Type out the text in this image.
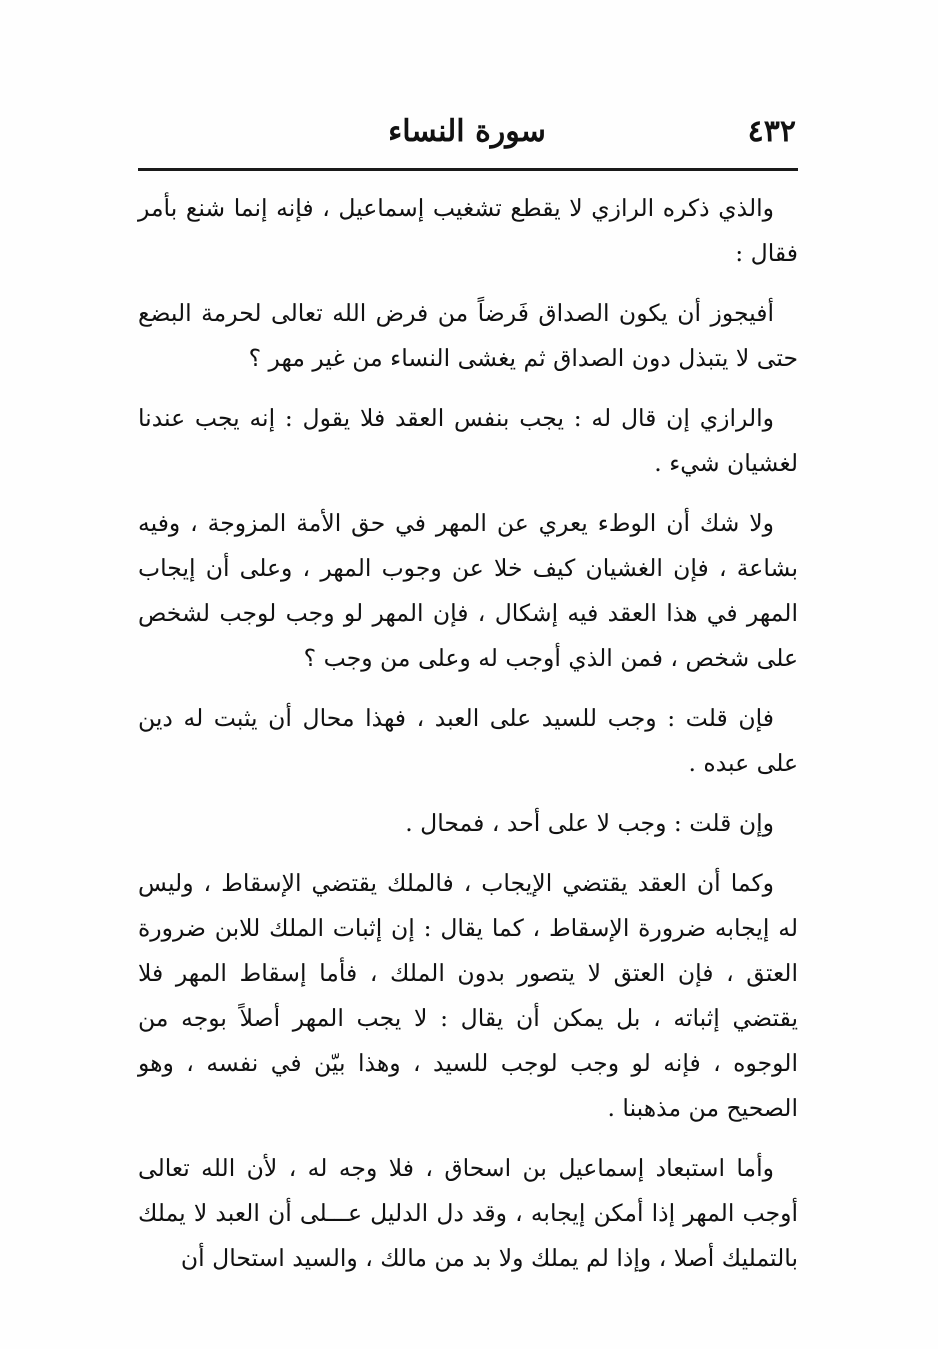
٤٣٢
سورة النساء

والذي ذكره الرازي لا يقطع تشغيب إسماعيل ، فإنه إنما شنع بأمر فقال :

أفيجوز أن يكون الصداق فَرضاً من فرض الله تعالى لحرمة البضع حتى لا يتبذل دون الصداق ثم يغشى النساء من غير مهر ؟

والرازي إن قال له : يجب بنفس العقد فلا يقول : إنه يجب عندنا لغشيان شيء .

ولا شك أن الوطء يعري عن المهر في حق الأمة المزوجة ، وفيه بشاعة ، فإن الغشيان كيف خلا عن وجوب المهر ، وعلى أن إيجاب المهر في هذا العقد فيه إشكال ، فإن المهر لو وجب لوجب لشخص على شخص ، فمن الذي أوجب له وعلى من وجب ؟

فإن قلت : وجب للسيد على العبد ، فهذا محال أن يثبت له دين على عبده .

وإن قلت : وجب لا على أحد ، فمحال .

وكما أن العقد يقتضي الإيجاب ، فالملك يقتضي الإسقاط ، وليس له إيجابه ضرورة الإسقاط ، كما يقال : إن إثبات الملك للابن ضرورة العتق ، فإن العتق لا يتصور بدون الملك ، فأما إسقاط المهر فلا يقتضي إثباته ، بل يمكن أن يقال : لا يجب المهر أصلاً بوجه من الوجوه ، فإنه لو وجب لوجب للسيد ، وهذا بيّن في نفسه ، وهو الصحيح من مذهبنا .

وأما استبعاد إسماعيل بن اسحاق ، فلا وجه له ، لأن الله تعالى أوجب المهر إذا أمكن إيجابه ، وقد دل الدليل عـــلى أن العبد لا يملك بالتمليك أصلا ، وإذا لم يملك ولا بد من مالك ، والسيد استحال أن
